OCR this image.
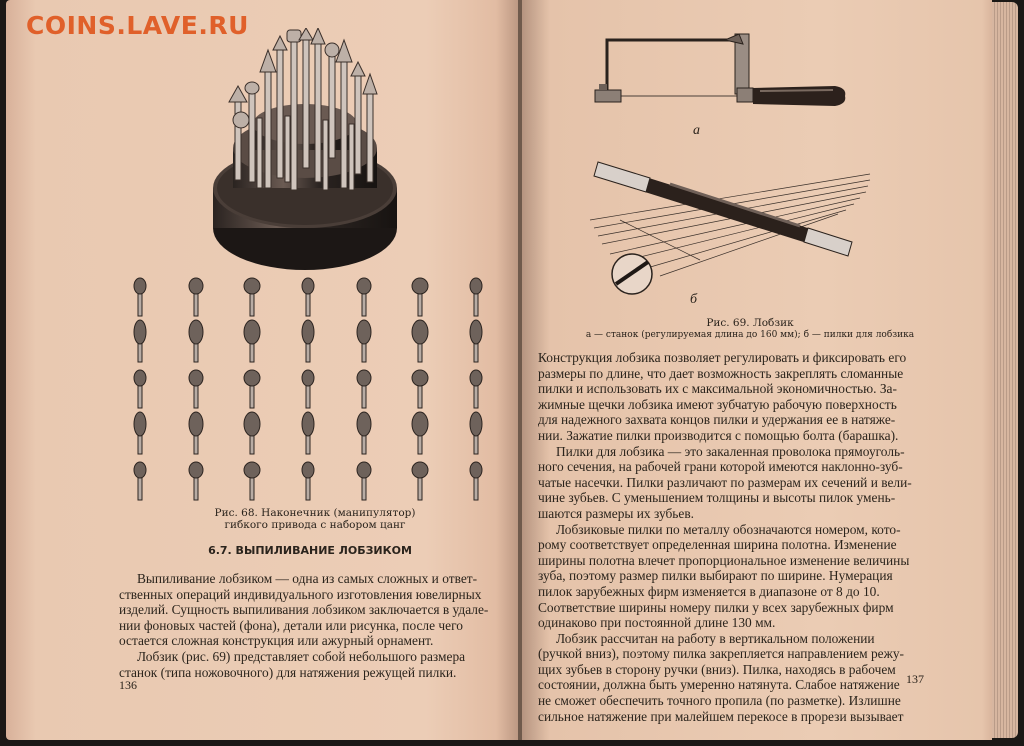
COINS.LAVE.RU
Рис. 68. Наконечник (манипулятор)
гибкого привода с набором цанг
6.7. ВЫПИЛИВАНИЕ ЛОБЗИКОМ
Выпиливание лобзиком — одна из самых сложных и ответ-
ственных операций индивидуального изготовления ювелирных
изделий. Сущность выпиливания лобзиком заключается в удале-
нии фоновых частей (фона), детали или рисунка, после чего
остается сложная конструкция или ажурный орнамент.
Лобзик (рис. 69) представляет собой небольшого размера
станок (типа ножовочного) для натяжения режущей пилки.
136
а
б
Рис. 69. Лобзик
а — станок (регулируемая длина до 160 мм); б — пилки для лобзика
Конструкция лобзика позволяет регулировать и фиксировать его
размеры по длине, что дает возможность закреплять сломанные
пилки и использовать их с максимальной экономичностью. За-
жимные щечки лобзика имеют зубчатую рабочую поверхность
для надежного захвата концов пилки и удержания ее в натяже-
нии. Зажатие пилки производится с помощью болта (барашка).
Пилки для лобзика — это закаленная проволока прямоуголь-
ного сечения, на рабочей грани которой имеются наклонно-зуб-
чатые насечки. Пилки различают по размерам их сечений и вели-
чине зубьев. С уменьшением толщины и высоты пилок умень-
шаются размеры их зубьев.
Лобзиковые пилки по металлу обозначаются номером, кото-
рому соответствует определенная ширина полотна. Изменение
ширины полотна влечет пропорциональное изменение величины
зуба, поэтому размер пилки выбирают по ширине. Нумерация
пилок зарубежных фирм изменяется в диапазоне от 8 до 10.
Соответствие ширины номеру пилки у всех зарубежных фирм
одинаково при постоянной длине 130 мм.
Лобзик рассчитан на работу в вертикальном положении
(ручкой вниз), поэтому пилка закрепляется направлением режу-
щих зубьев в сторону ручки (вниз). Пилка, находясь в рабочем
состоянии, должна быть умеренно натянута. Слабое натяжение
не сможет обеспечить точного пропила (по разметке). Излишне
сильное натяжение при малейшем перекосе в прорези вызывает
137
